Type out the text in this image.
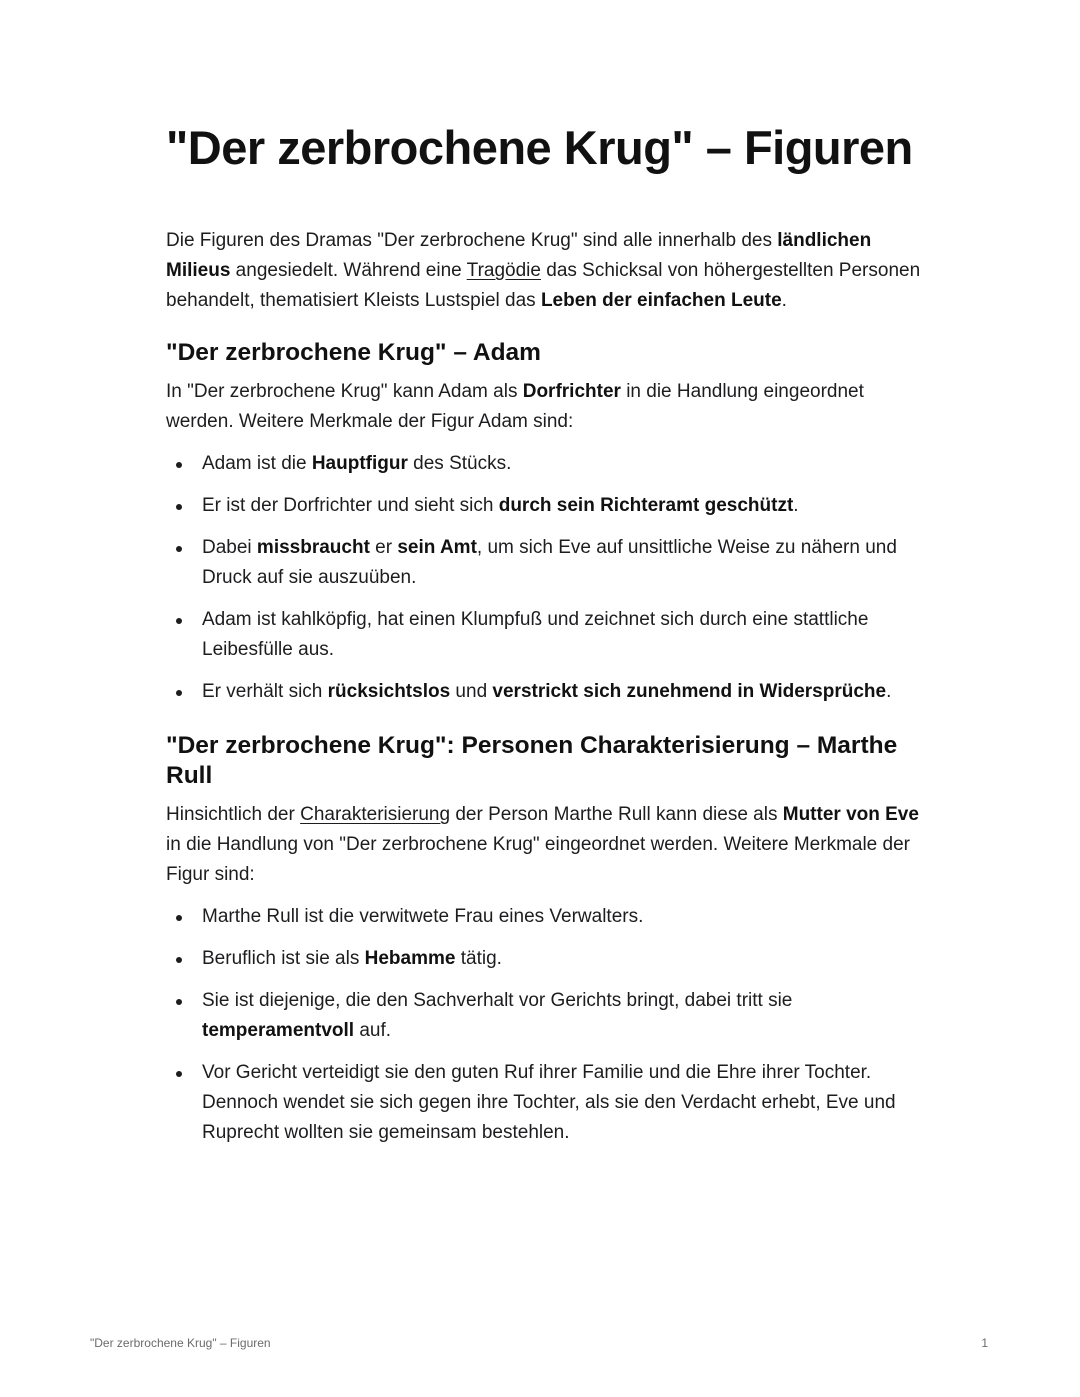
"Der zerbrochene Krug" – Figuren

Die Figuren des Dramas "Der zerbrochene Krug" sind alle innerhalb des ländlichen Milieus angesiedelt. Während eine Tragödie das Schicksal von höhergestellten Personen behandelt, thematisiert Kleists Lustspiel das Leben der einfachen Leute.

"Der zerbrochene Krug" – Adam

In "Der zerbrochene Krug" kann Adam als Dorfrichter in die Handlung eingeordnet werden. Weitere Merkmale der Figur Adam sind:

Adam ist die Hauptfigur des Stücks.
Er ist der Dorfrichter und sieht sich durch sein Richteramt geschützt.
Dabei missbraucht er sein Amt, um sich Eve auf unsittliche Weise zu nähern und Druck auf sie auszuüben.
Adam ist kahlköpfig, hat einen Klumpfuß und zeichnet sich durch eine stattliche Leibesfülle aus.
Er verhält sich rücksichtslos und verstrickt sich zunehmend in Widersprüche.
"Der zerbrochene Krug": Personen Charakterisierung – Marthe Rull

Hinsichtlich der Charakterisierung der Person Marthe Rull kann diese als Mutter von Eve in die Handlung von "Der zerbrochene Krug" eingeordnet werden. Weitere Merkmale der Figur sind:

Marthe Rull ist die verwitwete Frau eines Verwalters.
Beruflich ist sie als Hebamme tätig.
Sie ist diejenige, die den Sachverhalt vor Gerichts bringt, dabei tritt sie temperamentvoll auf.
Vor Gericht verteidigt sie den guten Ruf ihrer Familie und die Ehre ihrer Tochter. Dennoch wendet sie sich gegen ihre Tochter, als sie den Verdacht erhebt, Eve und Ruprecht wollten sie gemeinsam bestehlen.
"Der zerbrochene Krug" – Figuren	1
